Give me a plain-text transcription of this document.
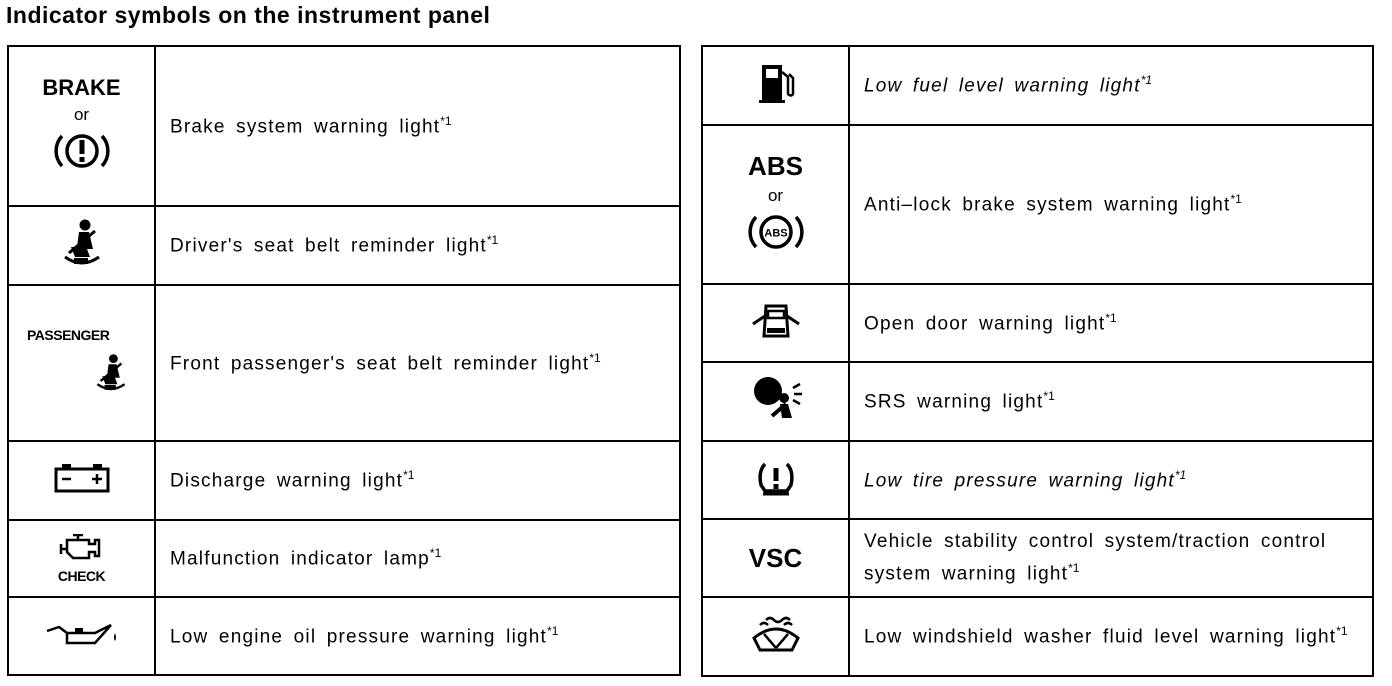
Indicator symbols on the instrument panel
BRAKE
or	Brake system warning light$^{*1}$
	Driver's seat belt reminder light$^{*1}$

PASSENGER	Front passenger's seat belt reminder light$^{*1}$
	Discharge warning light$^{*1}$

CHECK	Malfunction indicator lamp$^{*1}$
	Low engine oil pressure warning light$^{*1}$
	Low fuel level warning light$^{*1}$

ABS
or
ABS	Anti–lock brake system warning light$^{*1}$
	Open door warning light$^{*1}$
	SRS warning light$^{*1}$
	Low tire pressure warning light$^{*1}$

VSC	Vehicle stability control system/traction control
system warning light$^{*1}$
	Low windshield washer fluid level warning light$^{*1}$
